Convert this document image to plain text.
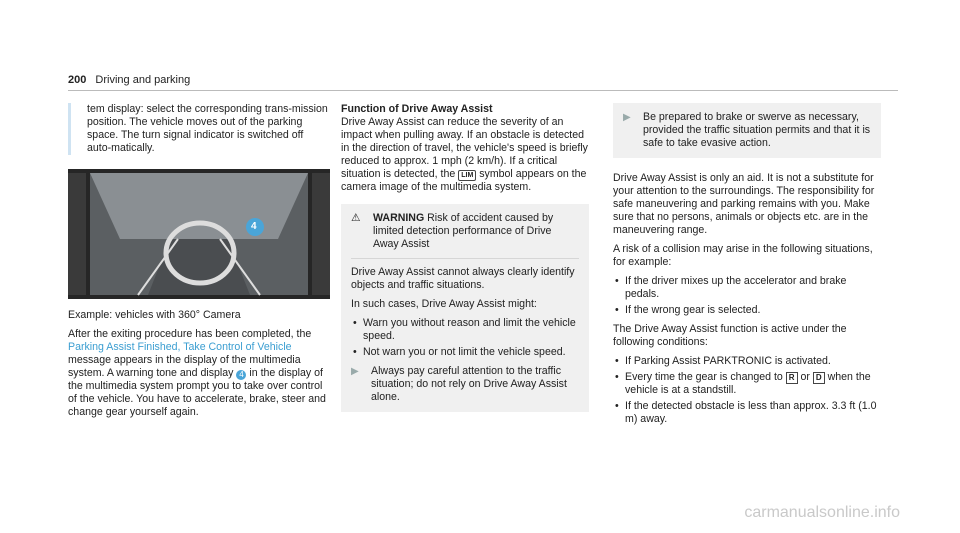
200 Driving and parking

tem display: select the corresponding trans-mission position. The vehicle moves out of the parking space. The turn signal indicator is switched off auto-matically.

4

Example: vehicles with 360° Camera

After the exiting procedure has been completed, the Parking Assist Finished, Take Control of Vehicle message appears in the display of the multimedia system. A warning tone and display 4 in the display of the multimedia system prompt you to take over control of the vehicle. You have to accelerate, brake, steer and change gear yourself again.

Function of Drive Away Assist

Drive Away Assist can reduce the severity of an impact when pulling away. If an obstacle is detected in the direction of travel, the vehicle's speed is briefly reduced to approx. 1 mph (2 km/h). If a critical situation is detected, the LIM symbol appears on the camera image of the multimedia system.

⚠	WARNING Risk of accident caused by limited detection performance of Drive Away Assist

Drive Away Assist cannot always clearly identify objects and traffic situations.

In such cases, Drive Away Assist might:

• Warn you without reason and limit the vehicle speed.
• Not warn you or not limit the vehicle speed.
▶	Always pay careful attention to the traffic situation; do not rely on Drive Away Assist alone.
▶	Be prepared to brake or swerve as necessary, provided the traffic situation permits and that it is safe to take evasive action.

Drive Away Assist is only an aid. It is not a substitute for your attention to the surroundings. The responsibility for safe maneuvering and parking remains with you. Make sure that no persons, animals or objects etc. are in the maneuvering range.

A risk of a collision may arise in the following situations, for example:

• If the driver mixes up the accelerator and brake pedals.
• If the wrong gear is selected.

The Drive Away Assist function is active under the following conditions:

• If Parking Assist PARKTRONIC is activated.
• Every time the gear is changed to R or D when the vehicle is at a standstill.
• If the detected obstacle is less than approx. 3.3 ft (1.0 m) away.
carmanualsonline.info
